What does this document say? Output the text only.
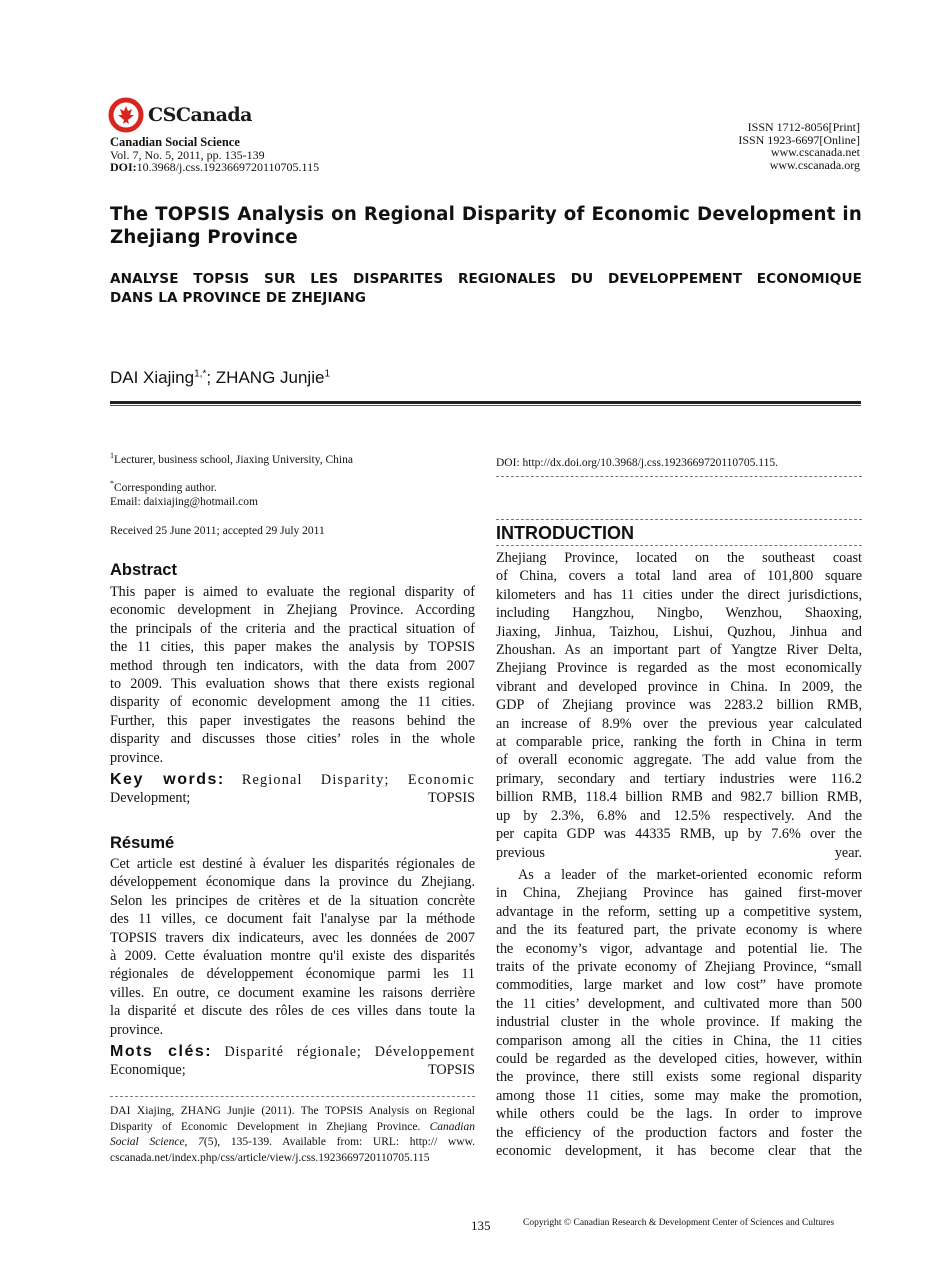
CSCanada
Canadian Social Science
Vol. 7, No. 5, 2011, pp. 135-139
DOI:10.3968/j.css.1923669720110705.115
ISSN 1712-8056[Print]
ISSN 1923-6697[Online]
www.cscanada.net
www.cscanada.org
The TOPSIS Analysis on Regional Disparity of Economic Development in
Zhejiang Province
ANALYSE TOPSIS SUR LES DISPARITES REGIONALES DU DEVELOPPEMENT ECONOMIQUE
DANS LA PROVINCE DE ZHEJIANG
DAI Xiajing$^{1,*}$; ZHANG Junjie$^1$
$^1$Lecturer, business school, Jiaxing University, China
*Corresponding author.
Email: daixiajing@hotmail.com
Received 25 June 2011; accepted 29 July 2011
DOI: http://dx.doi.org/10.3968/j.css.1923669720110705.115.
INTRODUCTION
Abstract
This paper is aimed to evaluate the regional disparity of
economic development in Zhejiang Province. According
the principals of the criteria and the practical situation of
the 11 cities, this paper makes the analysis by TOPSIS
method through ten indicators, with the data from 2007
to 2009. This evaluation shows that there exists regional
disparity of economic development among the 11 cities.
Further, this paper investigates the reasons behind the
disparity and discusses those cities’ roles in the whole
province.
Key words: Regional Disparity; Economic
Development; TOPSIS
Résumé
Cet article est destiné à évaluer les disparités régionales de
développement économique dans la province du Zhejiang.
Selon les principes de critères et de la situation concrète
des 11 villes, ce document fait l'analyse par la méthode
TOPSIS travers dix indicateurs, avec les données de 2007
à 2009. Cette évaluation montre qu'il existe des disparités
régionales de développement économique parmi les 11
villes. En outre, ce document examine les raisons derrière
la disparité et discute des rôles de ces villes dans toute la
province.
Mots clés: Disparité régionale; Développement
Economique; TOPSIS
DAI Xiajing, ZHANG Junjie (2011). The TOPSIS Analysis on Regional
Disparity of Economic Development in Zhejiang Province. Canadian
Social Science, 7(5), 135-139. Available from: URL: http:// www.
cscanada.net/index.php/css/article/view/j.css.1923669720110705.115
Zhejiang Province, located on the southeast coast
of China, covers a total land area of 101,800 square
kilometers and has 11 cities under the direct jurisdictions,
including Hangzhou, Ningbo, Wenzhou, Shaoxing,
Jiaxing, Jinhua, Taizhou, Lishui, Quzhou, Jinhua and
Zhoushan. As an important part of Yangtze River Delta,
Zhejiang Province is regarded as the most economically
vibrant and developed province in China. In 2009, the
GDP of Zhejiang province was 2283.2 billion RMB,
an increase of 8.9% over the previous year calculated
at comparable price, ranking the forth in China in term
of overall economic aggregate. The add value from the
primary, secondary and tertiary industries were 116.2
billion RMB, 118.4 billion RMB and 982.7 billion RMB,
up by 2.3%, 6.8% and 12.5% respectively. And the
per capita GDP was 44335 RMB, up by 7.6% over the
previous year.
As a leader of the market-oriented economic reform
in China, Zhejiang Province has gained first-mover
advantage in the reform, setting up a competitive system,
and the its featured part, the private economy is where
the economy’s vigor, advantage and potential lie. The
traits of the private economy of Zhejiang Province, “small
commodities, large market and low cost” have promote
the 11 cities’ development, and cultivated more than 500
industrial cluster in the whole province. If making the
comparison among all the cities in China, the 11 cities
could be regarded as the developed cities, however, within
the province, there still exists some regional disparity
among those 11 cities, some may make the promotion,
while others could be the lags. In order to improve
the efficiency of the production factors and foster the
economic development, it has become clear that the
135	Copyright © Canadian Research & Development Center of Sciences and Cultures
